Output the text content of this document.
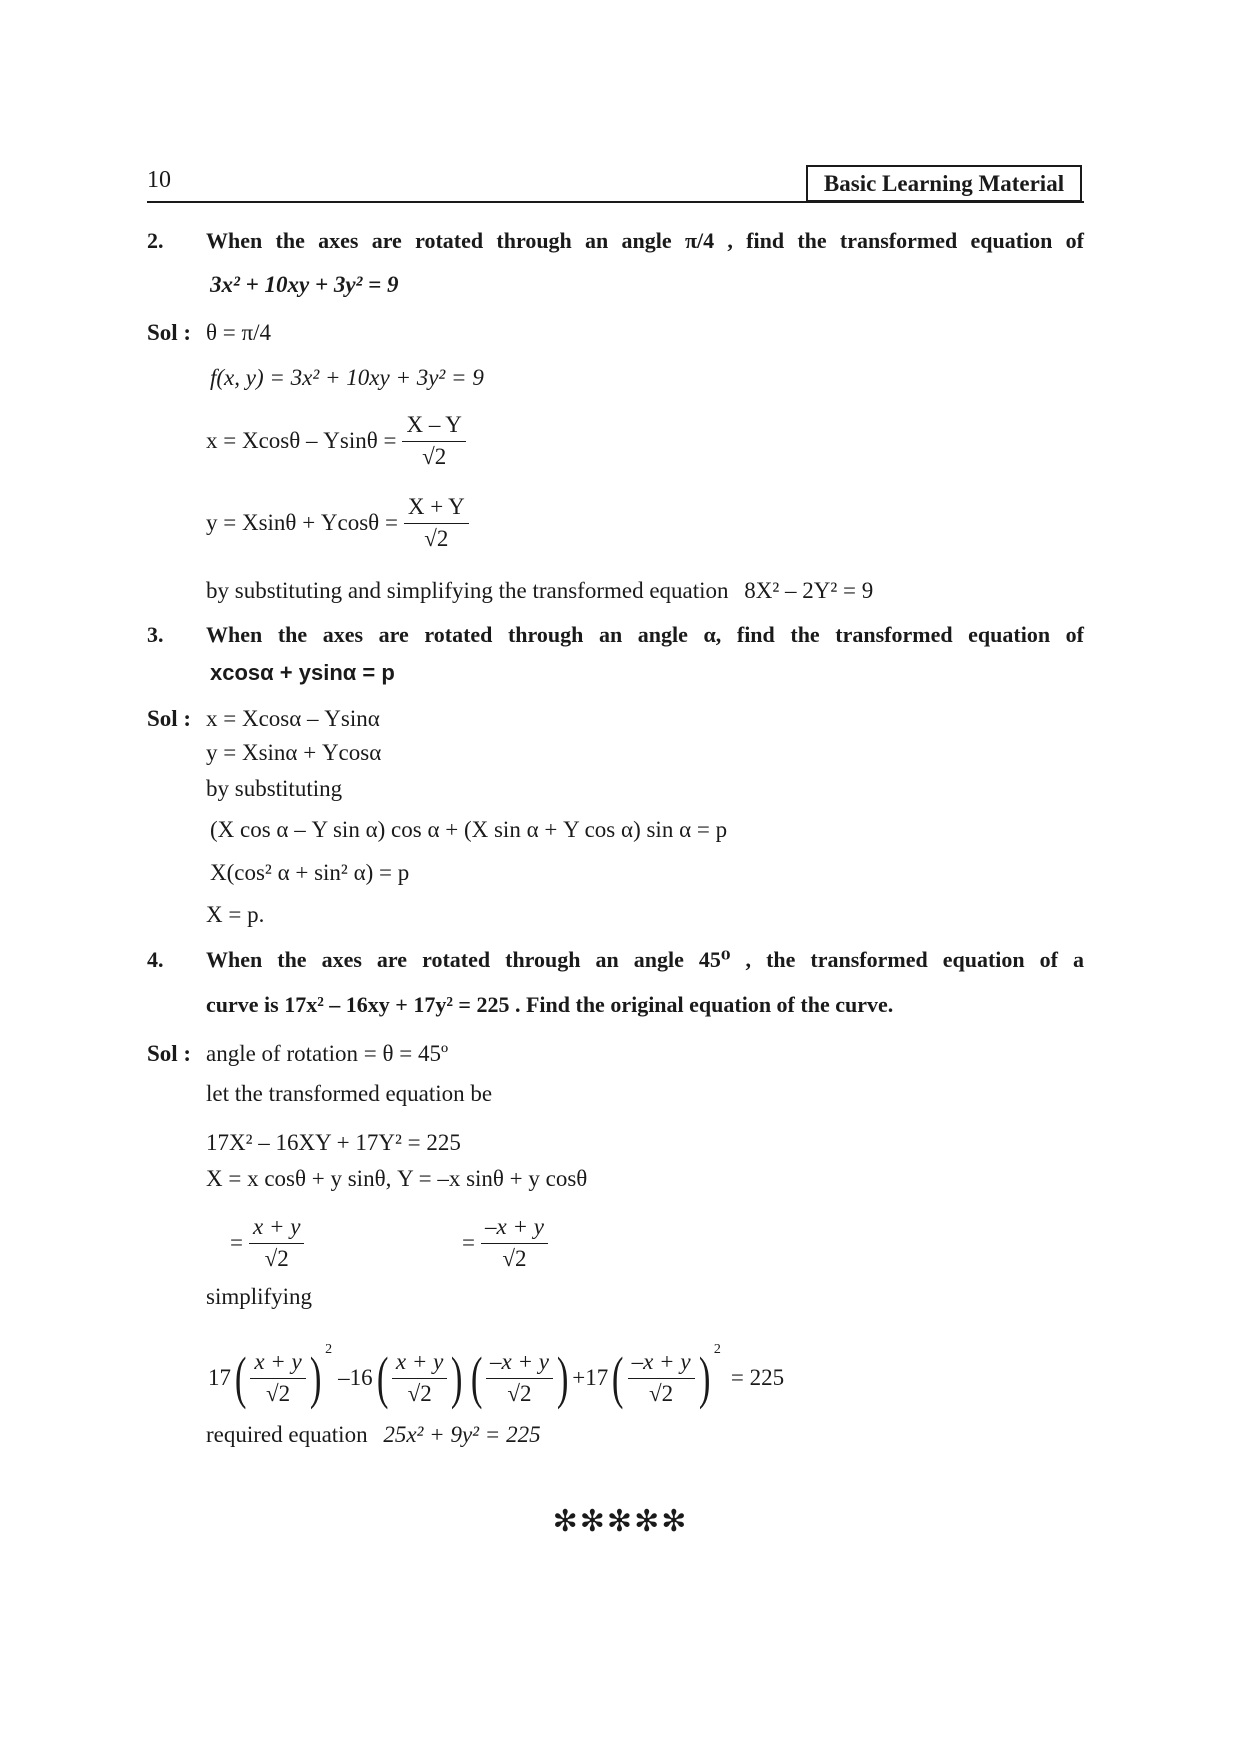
10	Basic Learning Material
2. When the axes are rotated through an angle π/4 , find the transformed equation of
3x² + 10xy + 3y² = 9
Sol : θ = π/4
f(x, y) = 3x² + 10xy + 3y² = 9
$x = Xcos\theta - Ysin\theta = \frac{X - Y}{√2}$
$y = Xsin\theta + Ycos\theta = \frac{X + Y}{√2}$
by substituting and simplifying the transformed equation 8X² – 2Y² = 9
3. When the axes are rotated through an angle α, find the transformed equation of
xcosα + ysinα = p
Sol : x = Xcosα – Ysinα
y = Xsinα + Ycosα
by substituting
(X cos α – Y sin α) cos α + (X sin α + Y cos α) sin α = p
X(cos² α + sin² α) = p
X = p.
4. When the axes are rotated through an angle 45⁰ , the transformed equation of a
curve is 17x² – 16xy + 17y² = 225 . Find the original equation of the curve.
Sol : angle of rotation = θ = 45º
let the transformed equation be
17X² – 16XY + 17Y² = 225
X = x cosθ + y sinθ, Y = –x sinθ + y cosθ
= $\frac{x + y}{√2}$	= $\frac{-x + y}{√2}$
simplifying
17 ( $\frac{x + y}{√2}$ ) $^2$
–16 ( $\frac{x + y}{√2}$ ) ( $\frac{-x + y}{√2}$ ) +17 ( $\frac{-x + y}{√2}$ ) $^2$
= 225
required equation 25x² + 9y² = 225
✻✻✻✻✻
